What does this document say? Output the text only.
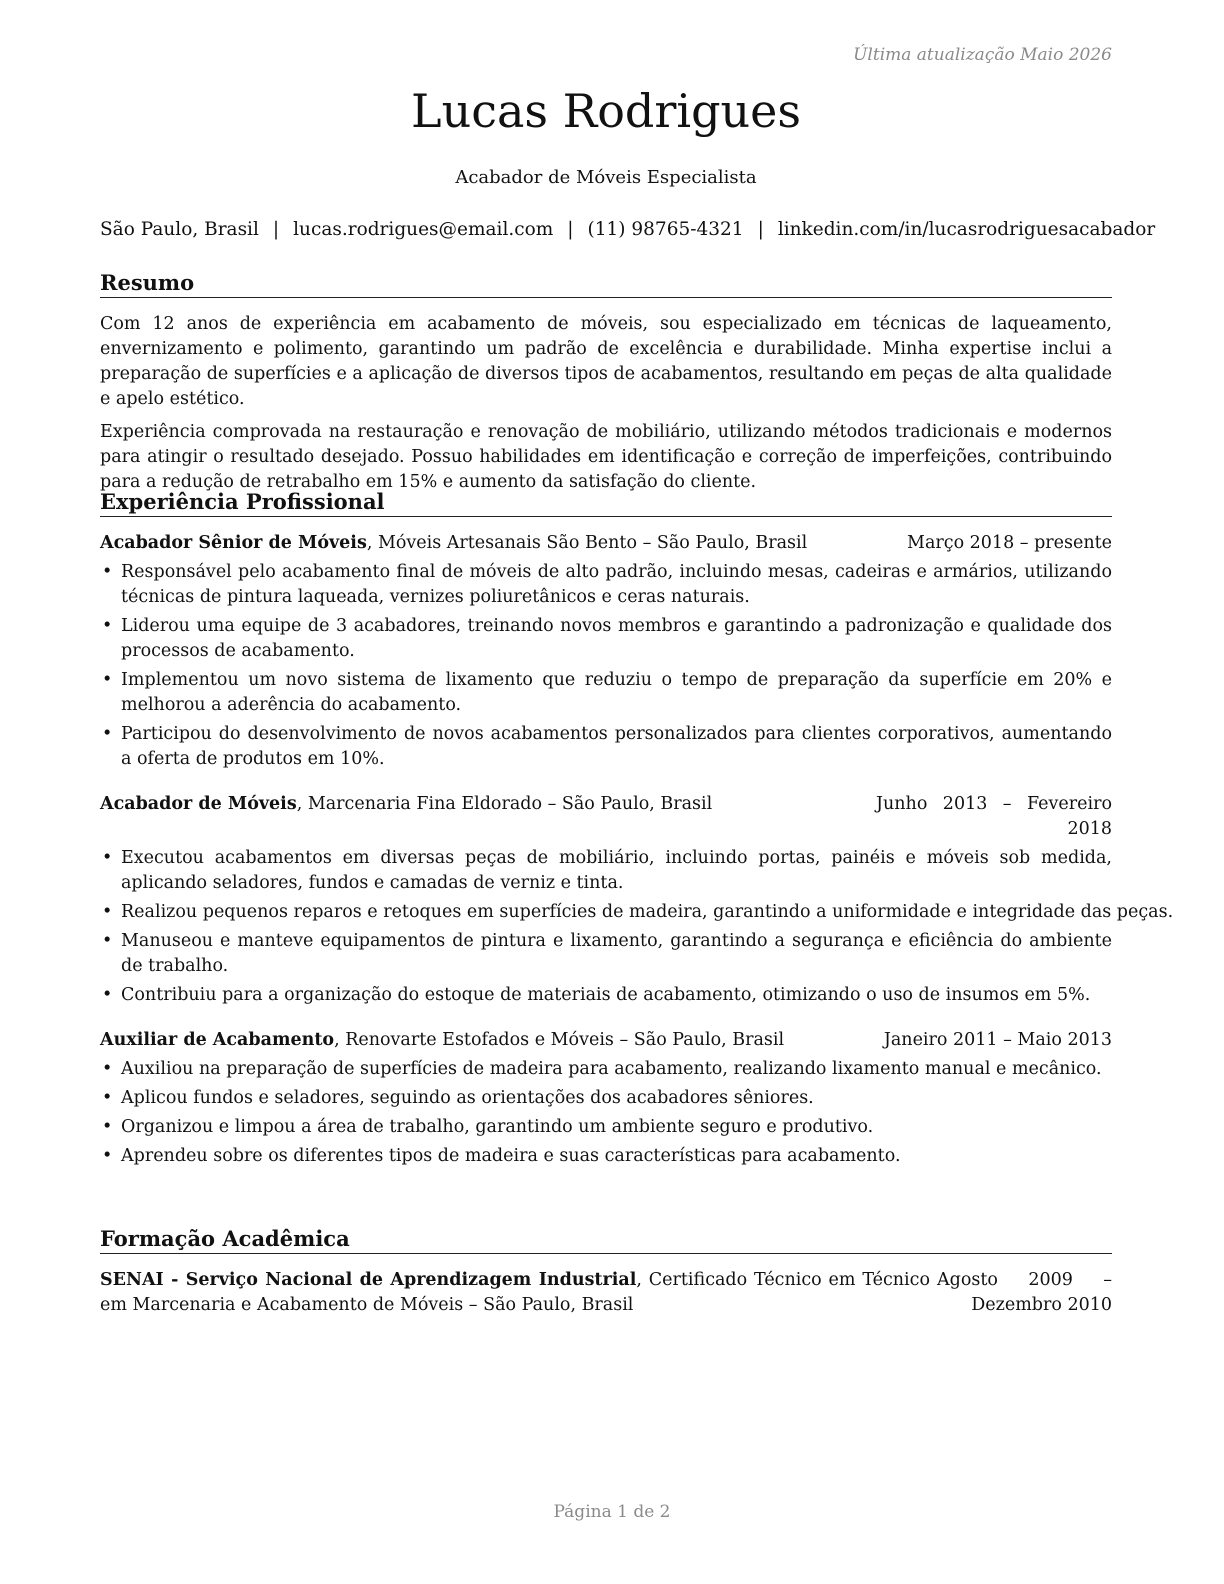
Última atualização Maio 2026
Lucas Rodrigues
Acabador de Móveis Especialista
São Paulo, Brasil | lucas.rodrigues@email.com | (11) 98765-4321 | linkedin.com/in/lucasrodriguesacabador
Resumo

Com 12 anos de experiência em acabamento de móveis, sou especializado em técnicas de laqueamento, envernizamento e polimento, garantindo um padrão de excelência e durabilidade. Minha expertise inclui a preparação de superfícies e a aplicação de diversos tipos de acabamentos, resultando em peças de alta qualidade e apelo estético.

Experiência comprovada na restauração e renovação de mobiliário, utilizando métodos tradicionais e modernos para atingir o resultado desejado. Possuo habilidades em identificação e correção de imperfeições, contribuindo para a redução de retrabalho em 15% e aumento da satisfação do cliente.

Experiência Profissional
Acabador Sênior de Móveis, Móveis Artesanais São Bento – São Paulo, Brasil	Março 2018 – presente
• Responsável pelo acabamento final de móveis de alto padrão, incluindo mesas, cadeiras e armários, utilizando técnicas de pintura laqueada, vernizes poliuretânicos e ceras naturais.
• Liderou uma equipe de 3 acabadores, treinando novos membros e garantindo a padronização e qualidade dos processos de acabamento.
• Implementou um novo sistema de lixamento que reduziu o tempo de preparação da superfície em 20% e melhorou a aderência do acabamento.
• Participou do desenvolvimento de novos acabamentos personalizados para clientes corporativos, aumentando a oferta de produtos em 10%.
Acabador de Móveis, Marcenaria Fina Eldorado – São Paulo, Brasil	Junho 2013 – Fevereiro 2018
• Executou acabamentos em diversas peças de mobiliário, incluindo portas, painéis e móveis sob medida, aplicando seladores, fundos e camadas de verniz e tinta.
• Realizou pequenos reparos e retoques em superfícies de madeira, garantindo a uniformidade e integridade das peças.
• Manuseou e manteve equipamentos de pintura e lixamento, garantindo a segurança e eficiência do ambiente de trabalho.
• Contribuiu para a organização do estoque de materiais de acabamento, otimizando o uso de insumos em 5%.
Auxiliar de Acabamento, Renovarte Estofados e Móveis – São Paulo, Brasil	Janeiro 2011 – Maio 2013
• Auxiliou na preparação de superfícies de madeira para acabamento, realizando lixamento manual e mecânico.
• Aplicou fundos e seladores, seguindo as orientações dos acabadores sêniores.
• Organizou e limpou a área de trabalho, garantindo um ambiente seguro e produtivo.
• Aprendeu sobre os diferentes tipos de madeira e suas características para acabamento.
Formação Acadêmica
SENAI - Serviço Nacional de Aprendizagem Industrial, Certificado Técnico em Técnico em Marcenaria e Acabamento de Móveis – São Paulo, Brasil
Agosto 2009 – Dezembro 2010
Página 1 de 2
